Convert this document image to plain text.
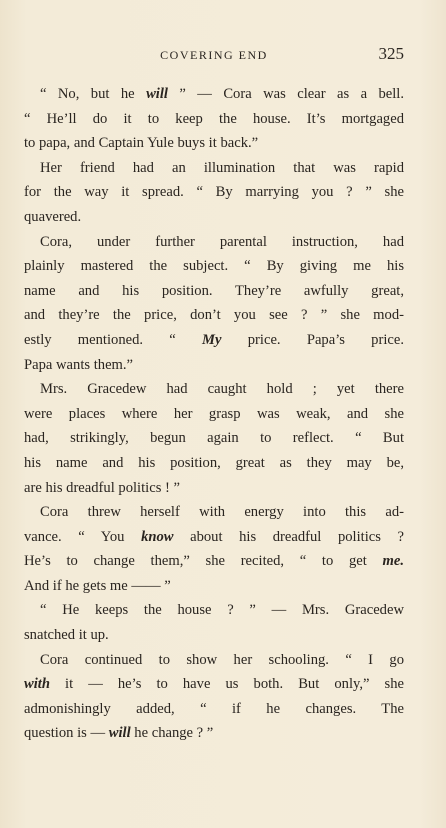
COVERING END	325
“ No, but he will ” — Cora was clear as a bell.
“ He’ll do it to keep the house. It’s mortgaged
to papa, and Captain Yule buys it back.”
Her friend had an illumination that was rapid
for the way it spread. “ By marrying you ? ” she
quavered.
Cora, under further parental instruction, had
plainly mastered the subject. “ By giving me his
name and his position. They’re awfully great,
and they’re the price, don’t you see ? ” she mod-
estly mentioned. “ My price. Papa’s price.
Papa wants them.”
Mrs. Gracedew had caught hold ; yet there
were places where her grasp was weak, and she
had, strikingly, begun again to reflect. “ But
his name and his position, great as they may be,
are his dreadful politics ! ”
Cora threw herself with energy into this ad-
vance. “ You know about his dreadful politics ?
He’s to change them,” she recited, “ to get me.
And if he gets me —— ”
“ He keeps the house ? ” — Mrs. Gracedew
snatched it up.
Cora continued to show her schooling. “ I go
with it — he’s to have us both. But only,” she
admonishingly added, “ if he changes. The
question is — will he change ? ”
